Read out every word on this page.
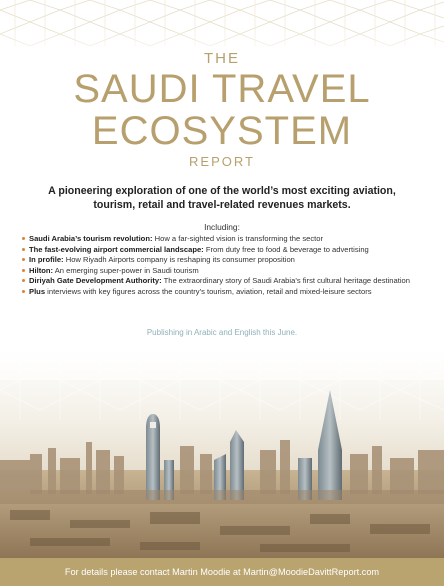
THE
SAUDI TRAVEL
ECOSYSTEM
REPORT
A pioneering exploration of one of the world’s most exciting aviation, tourism, retail and travel-related revenues markets.
Including:
Saudi Arabia’s tourism revolution: How a far-sighted vision is transforming the sector
The fast-evolving airport commercial landscape: From duty free to food & beverage to advertising
In profile: How Riyadh Airports company is reshaping its consumer proposition
Hilton: An emerging super-power in Saudi tourism
Diriyah Gate Development Authority: The extraordinary story of Saudi Arabia’s first cultural heritage destination
Plus interviews with key figures across the country’s tourism, aviation, retail and mixed-leisure sectors
Publishing in Arabic and English this June.
For details please contact Martin Moodie at Martin@MoodieDavittReport.com
